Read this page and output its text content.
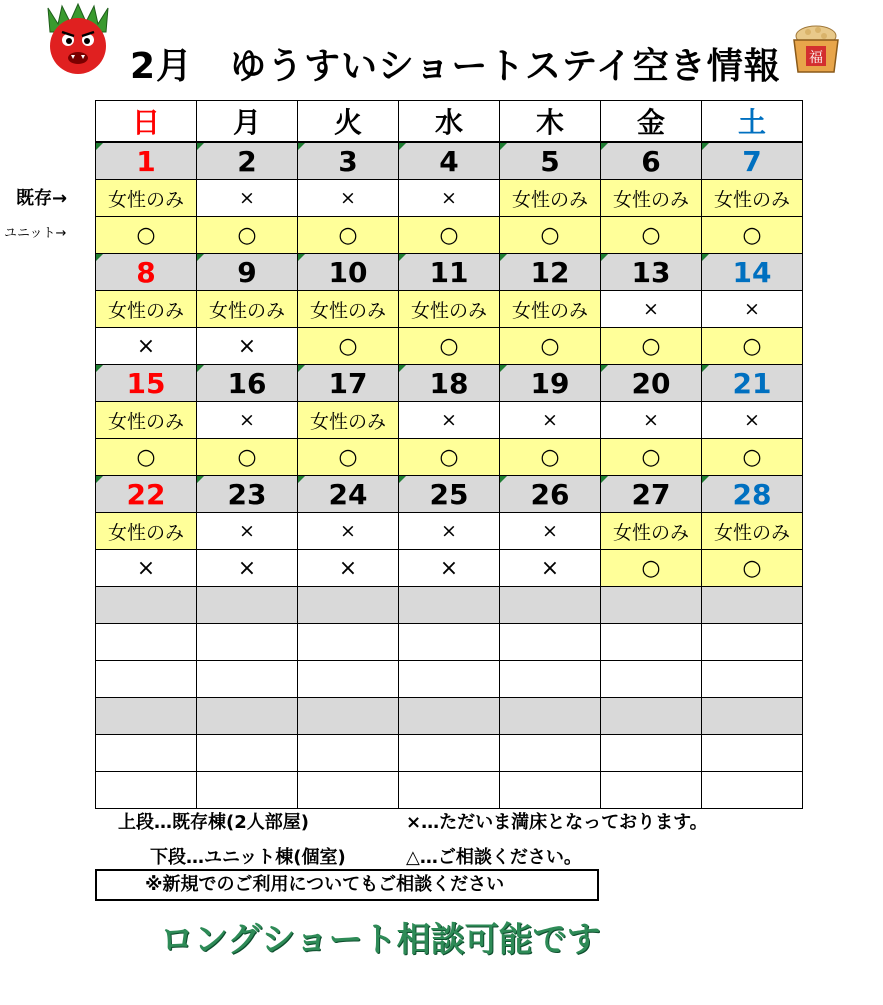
2月　ゆうすいショートステイ空き情報 福
既存→
ユニット→
日	月	火	水	木	金	土
1	2	3	4	5	6	7
女性のみ	×	×	×	女性のみ	女性のみ	女性のみ
○	○	○	○	○	○	○
8	9	10	11	12	13	14
女性のみ	女性のみ	女性のみ	女性のみ	女性のみ	×	×
×	×	○	○	○	○	○
15	16	17	18	19	20	21
女性のみ	×	女性のみ	×	×	×	×
○	○	○	○	○	○	○
22	23	24	25	26	27	28
女性のみ	×	×	×	×	女性のみ	女性のみ
×	×	×	×	×	○	○

上段…既存棟(2人部屋)
下段…ユニット棟(個室)
×…ただいま満床となっております。
△…ご相談ください。
※新規でのご利用についてもご相談ください
ロングショート相談可能です
